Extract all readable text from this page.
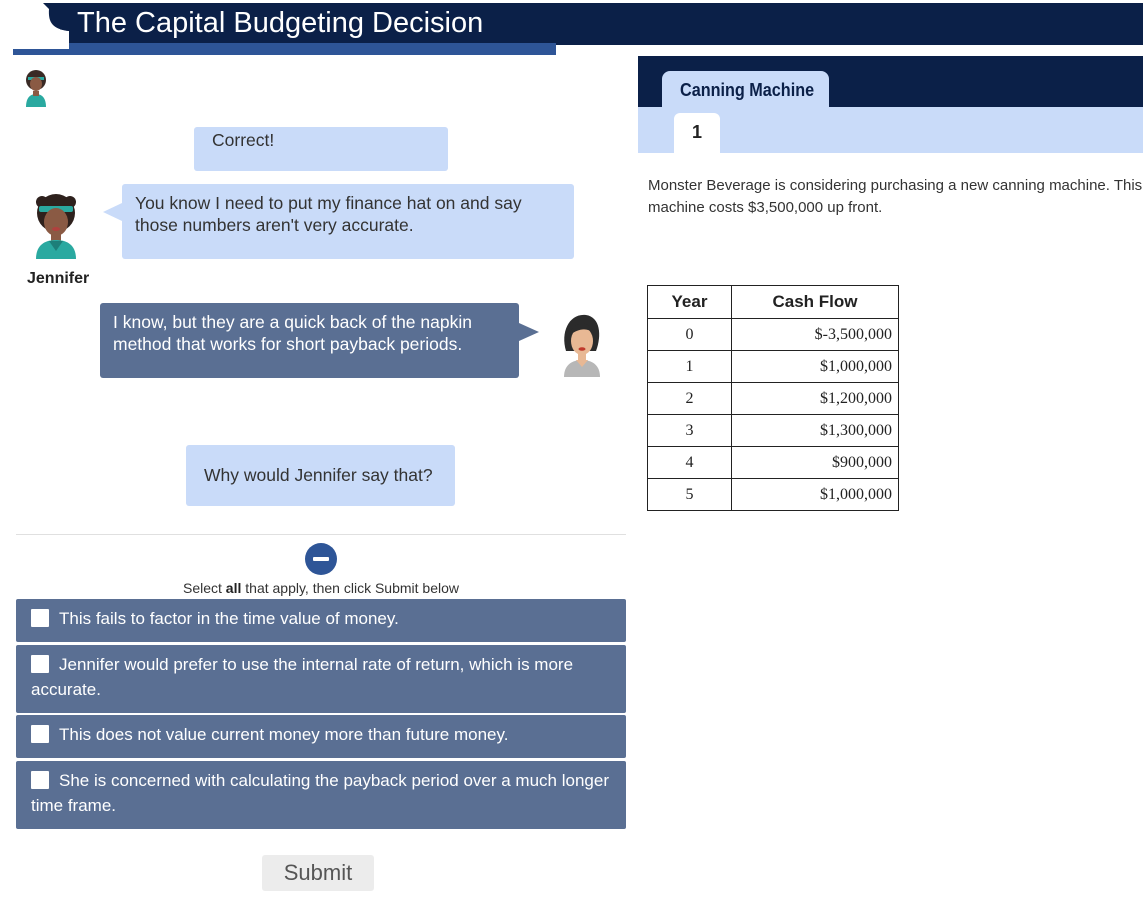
The Capital Budgeting Decision
Correct!
You know I need to put my finance hat on and say those numbers aren't very accurate.
Jennifer
I know, but they are a quick back of the napkin method that works for short payback periods.
Why would Jennifer say that?
Select all that apply, then click Submit below
This fails to factor in the time value of money.
Jennifer would prefer to use the internal rate of return, which is more accurate.
This does not value current money more than future money.
She is concerned with calculating the payback period over a much longer time frame.
Submit
Canning Machine
1
Monster Beverage is considering purchasing a new canning machine. This machine costs $3,500,000 up front.
Year	Cash Flow
0	$-3,500,000
1	$1,000,000
2	$1,200,000
3	$1,300,000
4	$900,000
5	$1,000,000
